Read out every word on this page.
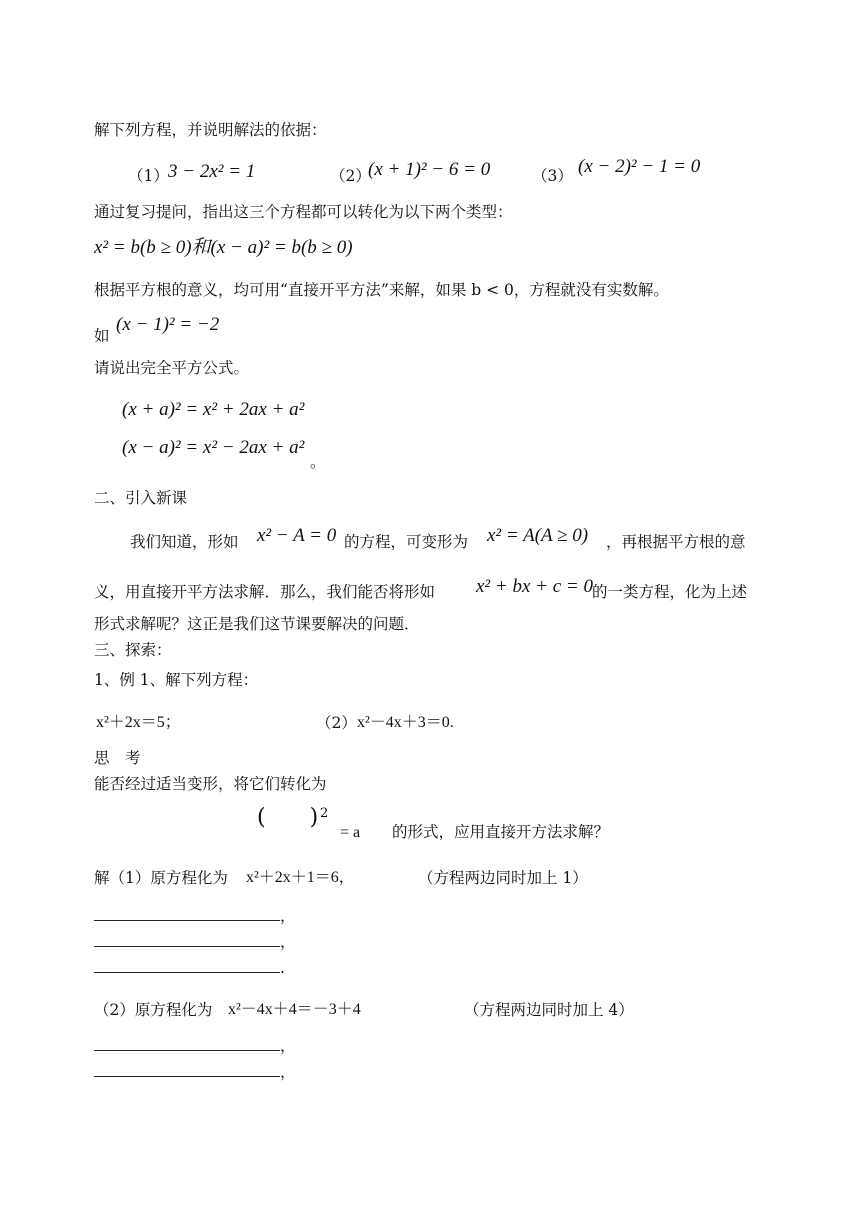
解下列方程，并说明解法的依据：
（1） 3 − 2x² = 1	（2）
(x + 1)² − 6 = 0	（3） (x − 2)² − 1 = 0
通过复习提问，指出这三个方程都可以转化为以下两个类型：
x² = b(b ≥ 0)和(x − a)² = b(b ≥ 0)
根据平方根的意义，均可用“直接开平方法”来解，如果 b < 0，方程就没有实数解。
如
(x − 1)² = −2
请说出完全平方公式。
(x + a)² = x² + 2ax + a²
(x − a)² = x² − 2ax + a²
。
二、引入新课
我们知道，形如 x² − A = 0 的方程，可变形为 x² = A(A ≥ 0) ，再根据平方根的意
义，用直接开平方法求解．那么，我们能否将形如 x² + bx + c = 0 的一类方程，化为上述
形式求解呢？这正是我们这节课要解决的问题．
三、探索：
1、例 1、解下列方程：
x²＋2x＝5；	（2） x²－4x＋3＝0.
思　考
能否经过适当变形，将它们转化为
(　　) 2
= a 的形式，应用直接开方法求解？
解（1）原方程化为 x²＋2x＋1＝6，	（方程两边同时加上 1）
，
，
.
（2）原方程化为 x²－4x＋4＝－3＋4	（方程两边同时加上 4）
，
，
